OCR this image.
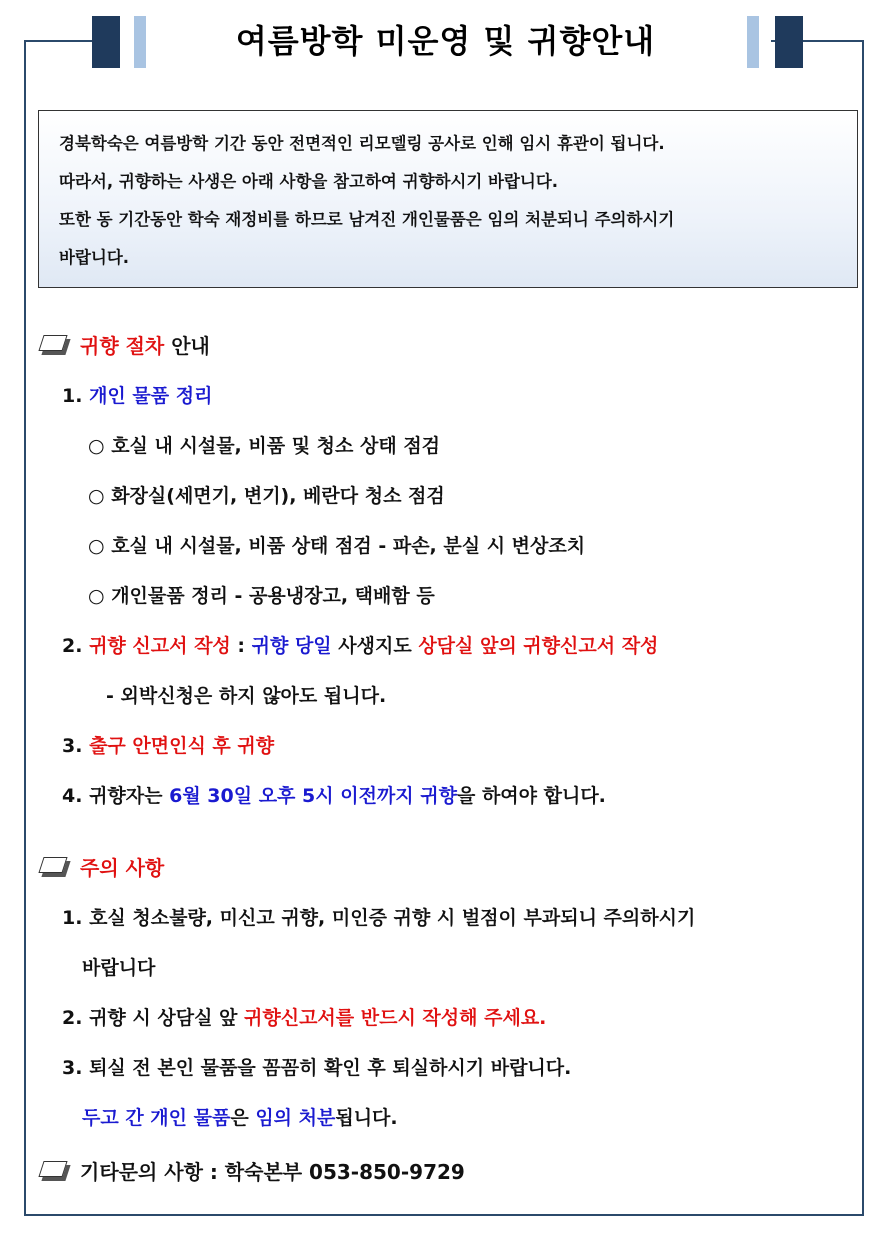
여름방학 미운영 및 귀향안내

경북학숙은 여름방학 기간 동안 전면적인 리모델링 공사로 인해 임시 휴관이 됩니다.

따라서, 귀향하는 사생은 아래 사항을 참고하여 귀향하시기 바랍니다.

또한 동 기간동안 학숙 재정비를 하므로 남겨진 개인물품은 임의 처분되니 주의하시기

바랍니다.

귀향 절차 안내
1. 개인 물품 정리
○ 호실 내 시설물, 비품 및 청소 상태 점검
○ 화장실(세면기, 변기), 베란다 청소 점검
○ 호실 내 시설물, 비품 상태 점검 - 파손, 분실 시 변상조치
○ 개인물품 정리 - 공용냉장고, 택배함 등
2. 귀향 신고서 작성 : 귀향 당일 사생지도 상담실 앞의 귀향신고서 작성
- 외박신청은 하지 않아도 됩니다.
3. 출구 안면인식 후 귀향
4. 귀향자는 6월 30일 오후 5시 이전까지 귀향을 하여야 합니다.
주의 사항
1. 호실 청소불량, 미신고 귀향, 미인증 귀향 시 벌점이 부과되니 주의하시기
바랍니다
2. 귀향 시 상담실 앞 귀향신고서를 반드시 작성해 주세요.
3. 퇴실 전 본인 물품을 꼼꼼히 확인 후 퇴실하시기 바랍니다.
두고 간 개인 물품은 임의 처분됩니다.
기타문의 사항 : 학숙본부 053-850-9729
